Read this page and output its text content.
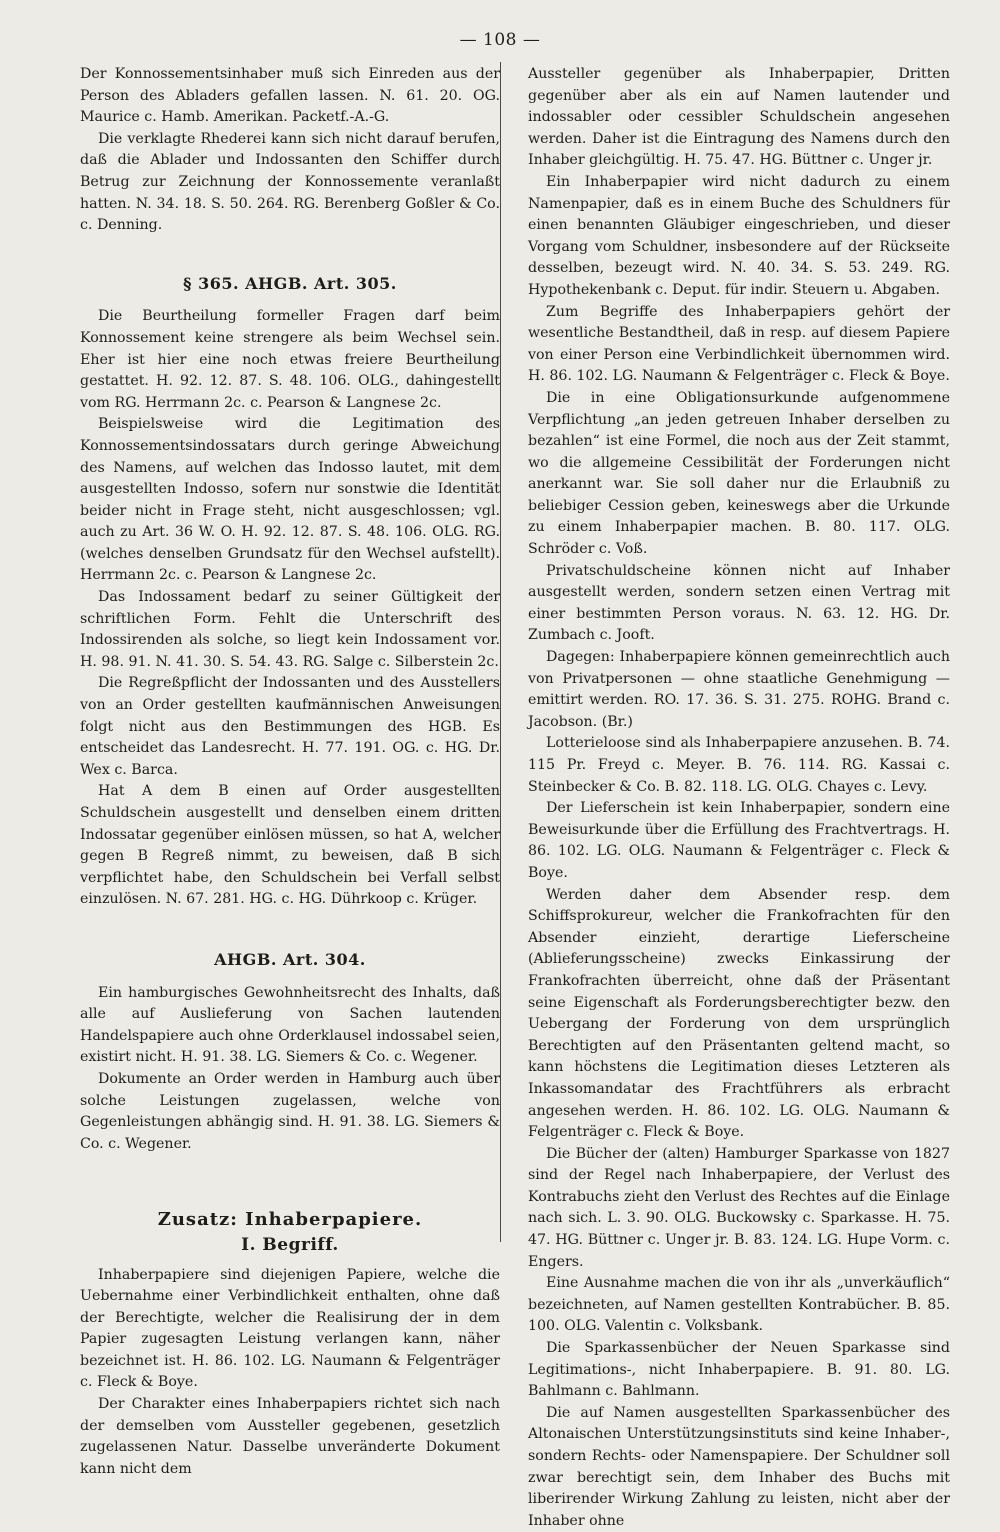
— 108 —

Der Konnossementsinhaber muß sich Einreden aus der Person des Abladers gefallen lassen. N. 61. 20. OG. Maurice c. Hamb. Amerikan. Packetf.-A.-G.

Die verklagte Rhederei kann sich nicht darauf berufen, daß die Ablader und Indossanten den Schiffer durch Betrug zur Zeichnung der Konnossemente veranlaßt hatten. N. 34. 18. S. 50. 264. RG. Berenberg Goßler & Co. c. Denning.

§ 365. AHGB. Art. 305.

Die Beurtheilung formeller Fragen darf beim Konnossement keine strengere als beim Wechsel sein. Eher ist hier eine noch etwas freiere Beurtheilung gestattet. H. 92. 12. 87. S. 48. 106. OLG., dahingestellt vom RG. Herrmann 2c. c. Pearson & Langnese 2c.

Beispielsweise wird die Legitimation des Konnossementsindossatars durch geringe Abweichung des Namens, auf welchen das Indosso lautet, mit dem ausgestellten Indosso, sofern nur sonstwie die Identität beider nicht in Frage steht, nicht ausgeschlossen; vgl. auch zu Art. 36 W. O. H. 92. 12. 87. S. 48. 106. OLG. RG. (welches denselben Grundsatz für den Wechsel aufstellt). Herrmann 2c. c. Pearson & Langnese 2c.

Das Indossament bedarf zu seiner Gültigkeit der schriftlichen Form. Fehlt die Unterschrift des Indossirenden als solche, so liegt kein Indossament vor. H. 98. 91. N. 41. 30. S. 54. 43. RG. Salge c. Silberstein 2c.

Die Regreßpflicht der Indossanten und des Ausstellers von an Order gestellten kaufmännischen Anweisungen folgt nicht aus den Bestimmungen des HGB. Es entscheidet das Landesrecht. H. 77. 191. OG. c. HG. Dr. Wex c. Barca.

Hat A dem B einen auf Order ausgestellten Schuldschein ausgestellt und denselben einem dritten Indossatar gegenüber einlösen müssen, so hat A, welcher gegen B Regreß nimmt, zu beweisen, daß B sich verpflichtet habe, den Schuldschein bei Verfall selbst einzulösen. N. 67. 281. HG. c. HG. Dührkoop c. Krüger.

AHGB. Art. 304.

Ein hamburgisches Gewohnheitsrecht des Inhalts, daß alle auf Auslieferung von Sachen lautenden Handelspapiere auch ohne Orderklausel indossabel seien, existirt nicht. H. 91. 38. LG. Siemers & Co. c. Wegener.

Dokumente an Order werden in Hamburg auch über solche Leistungen zugelassen, welche von Gegenleistungen abhängig sind. H. 91. 38. LG. Siemers & Co. c. Wegener.

Zusatz: Inhaberpapiere.
I. Begriff.

Inhaberpapiere sind diejenigen Papiere, welche die Uebernahme einer Verbindlichkeit enthalten, ohne daß der Berechtigte, welcher die Realisirung der in dem Papier zugesagten Leistung verlangen kann, näher bezeichnet ist. H. 86. 102. LG. Naumann & Felgenträger c. Fleck & Boye.

Der Charakter eines Inhaberpapiers richtet sich nach der demselben vom Aussteller gegebenen, gesetzlich zugelassenen Natur. Dasselbe unveränderte Dokument kann nicht dem

Aussteller gegenüber als Inhaberpapier, Dritten gegenüber aber als ein auf Namen lautender und indossabler oder cessibler Schuldschein angesehen werden. Daher ist die Eintragung des Namens durch den Inhaber gleichgültig. H. 75. 47. HG. Büttner c. Unger jr.

Ein Inhaberpapier wird nicht dadurch zu einem Namenpapier, daß es in einem Buche des Schuldners für einen benannten Gläubiger eingeschrieben, und dieser Vorgang vom Schuldner, insbesondere auf der Rückseite desselben, bezeugt wird. N. 40. 34. S. 53. 249. RG. Hypothekenbank c. Deput. für indir. Steuern u. Abgaben.

Zum Begriffe des Inhaberpapiers gehört der wesentliche Bestandtheil, daß in resp. auf diesem Papiere von einer Person eine Verbindlichkeit übernommen wird. H. 86. 102. LG. Naumann & Felgenträger c. Fleck & Boye.

Die in eine Obligationsurkunde aufgenommene Verpflichtung „an jeden getreuen Inhaber derselben zu bezahlen“ ist eine Formel, die noch aus der Zeit stammt, wo die allgemeine Cessibilität der Forderungen nicht anerkannt war. Sie soll daher nur die Erlaubniß zu beliebiger Cession geben, keineswegs aber die Urkunde zu einem Inhaberpapier machen. B. 80. 117. OLG. Schröder c. Voß.

Privatschuldscheine können nicht auf Inhaber ausgestellt werden, sondern setzen einen Vertrag mit einer bestimmten Person voraus. N. 63. 12. HG. Dr. Zumbach c. Jooft.

Dagegen: Inhaberpapiere können gemeinrechtlich auch von Privatpersonen — ohne staatliche Genehmigung — emittirt werden. RO. 17. 36. S. 31. 275. ROHG. Brand c. Jacobson. (Br.)

Lotterieloose sind als Inhaberpapiere anzusehen. B. 74. 115 Pr. Freyd c. Meyer. B. 76. 114. RG. Kassai c. Steinbecker & Co. B. 82. 118. LG. OLG. Chayes c. Levy.

Der Lieferschein ist kein Inhaberpapier, sondern eine Beweisurkunde über die Erfüllung des Frachtvertrags. H. 86. 102. LG. OLG. Naumann & Felgenträger c. Fleck & Boye.

Werden daher dem Absender resp. dem Schiffsprokureur, welcher die Frankofrachten für den Absender einzieht, derartige Lieferscheine (Ablieferungsscheine) zwecks Einkassirung der Frankofrachten überreicht, ohne daß der Präsentant seine Eigenschaft als Forderungsberechtigter bezw. den Uebergang der Forderung von dem ursprünglich Berechtigten auf den Präsentanten geltend macht, so kann höchstens die Legitimation dieses Letzteren als Inkassomandatar des Frachtführers als erbracht angesehen werden. H. 86. 102. LG. OLG. Naumann & Felgenträger c. Fleck & Boye.

Die Bücher der (alten) Hamburger Sparkasse von 1827 sind der Regel nach Inhaberpapiere, der Verlust des Kontrabuchs zieht den Verlust des Rechtes auf die Einlage nach sich. L. 3. 90. OLG. Buckowsky c. Sparkasse. H. 75. 47. HG. Büttner c. Unger jr. B. 83. 124. LG. Hupe Vorm. c. Engers.

Eine Ausnahme machen die von ihr als „unverkäuflich“ bezeichneten, auf Namen gestellten Kontrabücher. B. 85. 100. OLG. Valentin c. Volksbank.

Die Sparkassenbücher der Neuen Sparkasse sind Legitimations-, nicht Inhaberpapiere. B. 91. 80. LG. Bahlmann c. Bahlmann.

Die auf Namen ausgestellten Sparkassenbücher des Altonaischen Unterstützungsinstituts sind keine Inhaber-, sondern Rechts- oder Namenspapiere. Der Schuldner soll zwar berechtigt sein, dem Inhaber des Buchs mit liberirender Wirkung Zahlung zu leisten, nicht aber der Inhaber ohne
